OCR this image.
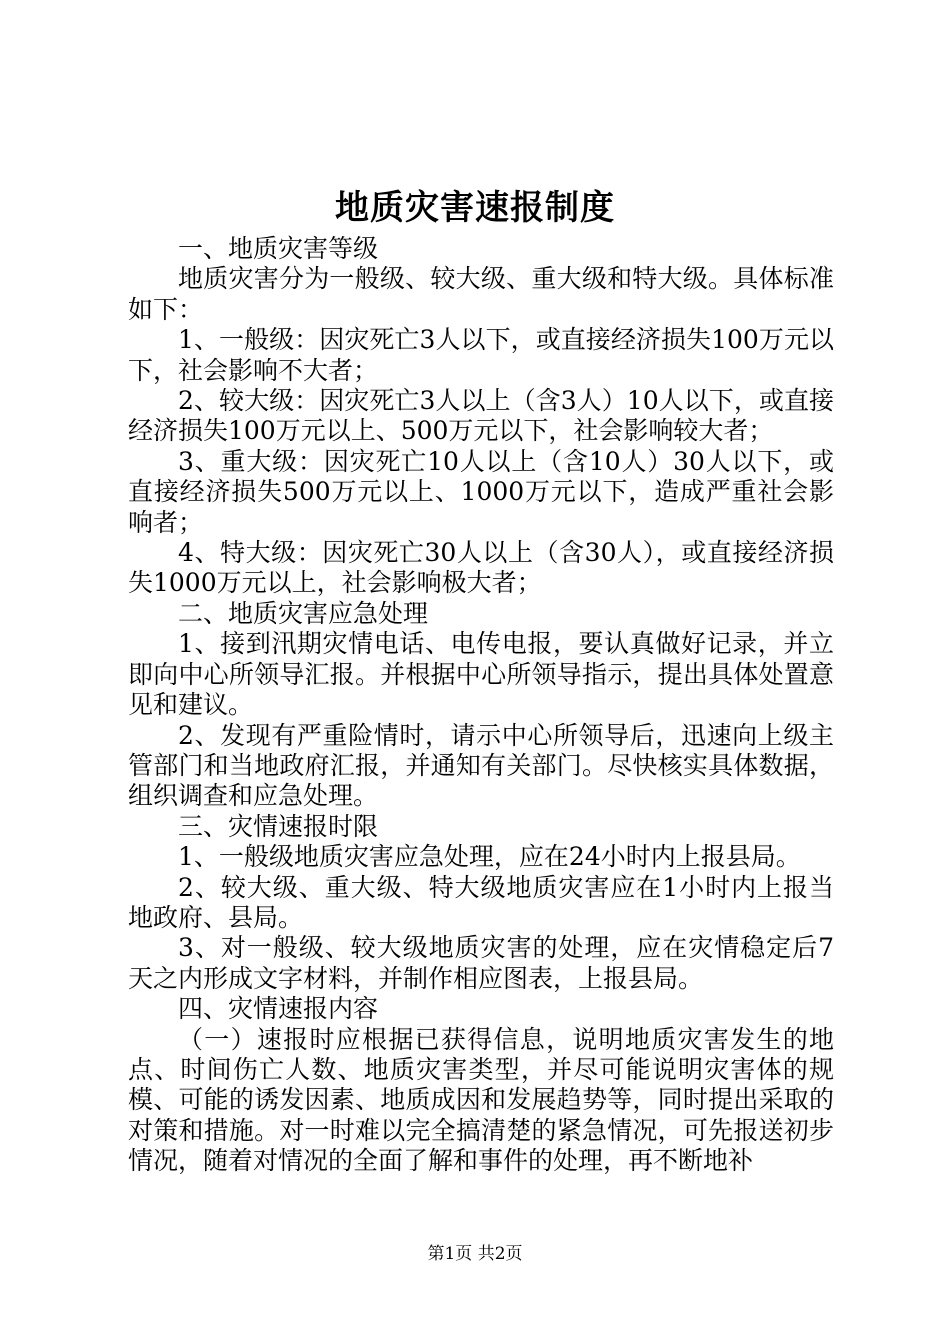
地质灾害速报制度

一、地质灾害等级

地质灾害分为一般级、较大级、重大级和特大级。具体标准如下：

1、一般级：因灾死亡3人以下，或直接经济损失100万元以下，社会影响不大者；

2、较大级：因灾死亡3人以上（含3人）10人以下，或直接经济损失100万元以上、500万元以下，社会影响较大者；

3、重大级：因灾死亡10人以上（含10人）30人以下，或直接经济损失500万元以上、1000万元以下，造成严重社会影响者；

4、特大级：因灾死亡30人以上（含30人），或直接经济损失1000万元以上，社会影响极大者；

二、地质灾害应急处理

1、接到汛期灾情电话、电传电报，要认真做好记录，并立即向中心所领导汇报。并根据中心所领导指示，提出具体处置意见和建议。

2、发现有严重险情时，请示中心所领导后，迅速向上级主管部门和当地政府汇报，并通知有关部门。尽快核实具体数据，组织调查和应急处理。

三、灾情速报时限

1、一般级地质灾害应急处理，应在24小时内上报县局。

2、较大级、重大级、特大级地质灾害应在1小时内上报当地政府、县局。

3、对一般级、较大级地质灾害的处理，应在灾情稳定后7天之内形成文字材料，并制作相应图表，上报县局。

四、灾情速报内容

（一）速报时应根据已获得信息，说明地质灾害发生的地点、时间伤亡人数、地质灾害类型，并尽可能说明灾害体的规模、可能的诱发因素、地质成因和发展趋势等，同时提出采取的对策和措施。对一时难以完全搞清楚的紧急情况，可先报送初步情况，随着对情况的全面了解和事件的处理，再不断地补

第1页 共2页
